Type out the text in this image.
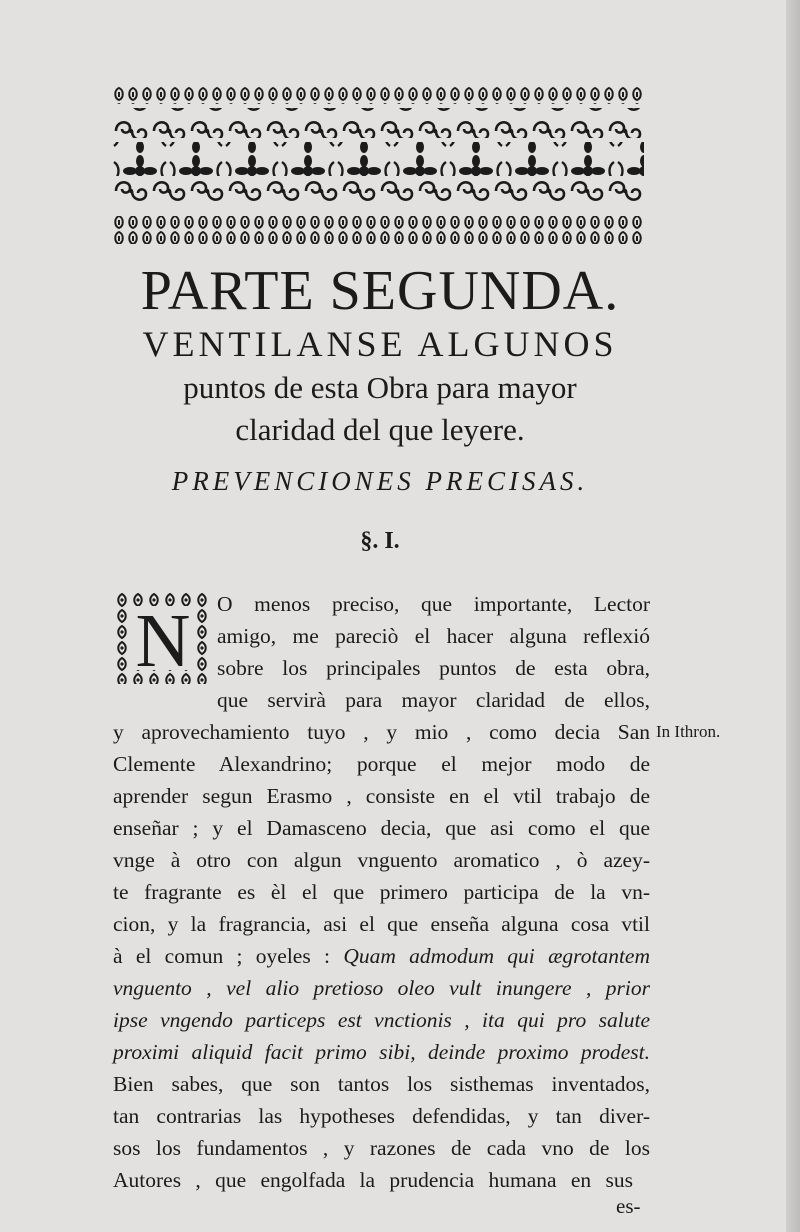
PARTE SEGUNDA.
VENTILANSE ALGUNOS
puntos de esta Obra para mayor
claridad del que leyere.
PREVENCIONES PRECISAS.
§. I.
N O menos preciso, que importante, Lector
amigo, me pareciò el hacer alguna reflexió
sobre los principales puntos de esta obra,
que servirà para mayor claridad de ellos,
y aprovechamiento tuyo , y mio , como decia San
Clemente Alexandrino; porque el mejor modo de
aprender segun Erasmo , consiste en el vtil trabajo de
enseñar ; y el Damasceno decia, que asi como el que
vnge à otro con algun vnguento aromatico , ò azey-
te fragrante es èl el que primero participa de la vn-
cion, y la fragrancia, asi el que enseña alguna cosa vtil
à el comun ; oyeles : Quam admodum qui ægrotantem
vnguento , vel alio pretioso oleo vult inungere , prior
ipse vngendo particeps est vnctionis , ita qui pro salute
proximi aliquid facit primo sibi, deinde proximo prodest.
Bien sabes, que son tantos los sisthemas inventados,
tan contrarias las hypotheses defendidas, y tan diver-
sos los fundamentos , y razones de cada vno de los
Autores , que engolfada la prudencia humana en sus
In Ithron.
es-
